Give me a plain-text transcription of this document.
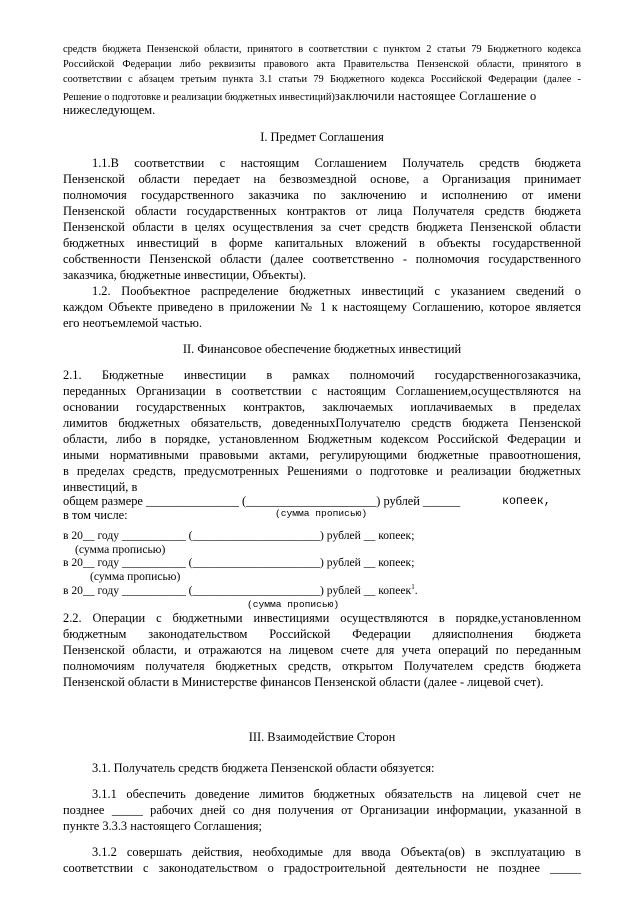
средств бюджета Пензенской области, принятого в соответствии с пунктом 2 статьи 79 Бюджетного кодекса
Российской Федерации либо реквизиты правового акта Правительства Пензенской области, принятого в
соответствии с абзацем третьим пункта 3.1 статьи 79 Бюджетного кодекса Российской Федерации (далее -
Решение о подготовке и реализации бюджетных инвестиций)заключили настоящее Соглашение о
нижеследующем.
I. Предмет Соглашения
1.1.В соответствии с настоящим Соглашением Получатель средств бюджета
Пензенской области передает на безвозмездной основе, а Организация принимает
полномочия государственного заказчика по заключению и исполнению от имени
Пензенской области государственных контрактов от лица Получателя средств бюджета
Пензенской области в целях осуществления за счет средств бюджета Пензенской области
бюджетных инвестиций в форме капитальных вложений в объекты государственной
собственности Пензенской области (далее соответственно - полномочия государственного
заказчика, бюджетные инвестиции, Объекты).
1.2. Пообъектное распределение бюджетных инвестиций с указанием сведений о
каждом Объекте приведено в приложении № 1 к настоящему Соглашению, которое является
его неотъемлемой частью.
II. Финансовое обеспечение бюджетных инвестиций
2.1. Бюджетные инвестиции в рамках полномочий государственногозаказчика,
переданных Организации в соответствии с настоящим Соглашением,осуществляются на
основании государственных контрактов, заключаемых иоплачиваемых в пределах
лимитов бюджетных обязательств, доведенныхПолучателю средств бюджета Пензенской
области, либо в порядке, установленном Бюджетным кодексом Российской Федерации и
иными нормативными правовыми актами, регулирующими бюджетные правоотношения,
в пределах средств, предусмотренных Решениями о подготовке и реализации бюджетных
инвестиций, в
общем размере _______________ (_____________________) рублей ______	копеек,
в том числе:	(сумма прописью)
в 20__ году ___________ (______________________) рублей __ копеек;
(сумма прописью)
в 20__ году ___________ (______________________) рублей __ копеек;
(сумма прописью)
в 20__ году ___________ (______________________) рублей __ копеек$^1$.
(сумма прописью)
2.2. Операции с бюджетными инвестициями осуществляются в порядке,установленном
бюджетным законодательством Российской Федерации дляисполнения бюджета
Пензенской области, и отражаются на лицевом счете для учета операций по переданным
полномочиям получателя бюджетных средств, открытом Получателем средств бюджета
Пензенской области в Министерстве финансов Пензенской области (далее - лицевой счет).
III. Взаимодействие Сторон
3.1. Получатель средств бюджета Пензенской области обязуется:
3.1.1 обеспечить доведение лимитов бюджетных обязательств на лицевой счет не
позднее _____ рабочих дней со дня получения от Организации информации, указанной в
пункте 3.3.3 настоящего Соглашения;
3.1.2 совершать действия, необходимые для ввода Объекта(ов) в эксплуатацию в
соответствии с законодательством о градостроительной деятельности не позднее _____
